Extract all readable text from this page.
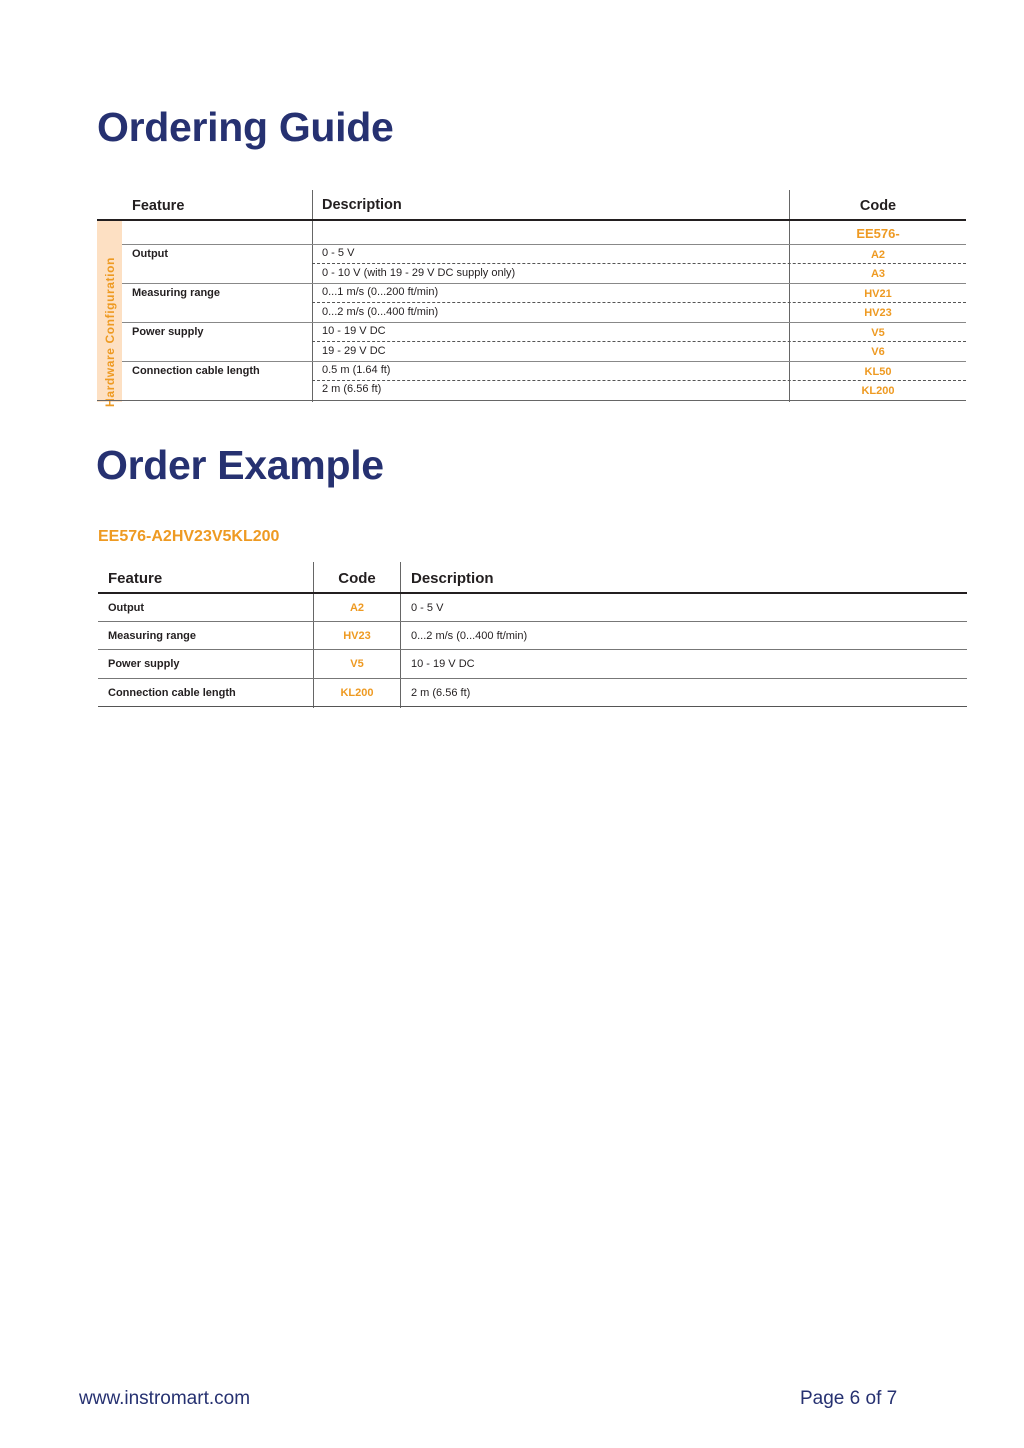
Ordering Guide
Hardware Configuration
Feature	Description	Code
EE576-
Output	0 - 5 V	A2
0 - 10 V (with 19 - 29 V DC supply only)	A3
Measuring range	0...1 m/s (0...200 ft/min)	HV21
0...2 m/s (0...400 ft/min)	HV23
Power supply	10 - 19 V DC	V5
19 - 29 V DC	V6
Connection cable length	0.5 m (1.64 ft)	KL50
2 m (6.56 ft)	KL200
Order Example
EE576-A2HV23V5KL200
Feature	Code	Description
Output	A2	0 - 5 V
Measuring range	HV23	0...2 m/s (0...400 ft/min)
Power supply	V5	10 - 19 V DC
Connection cable length	KL200	2 m (6.56 ft)
www.instromart.com	Page 6 of 7
